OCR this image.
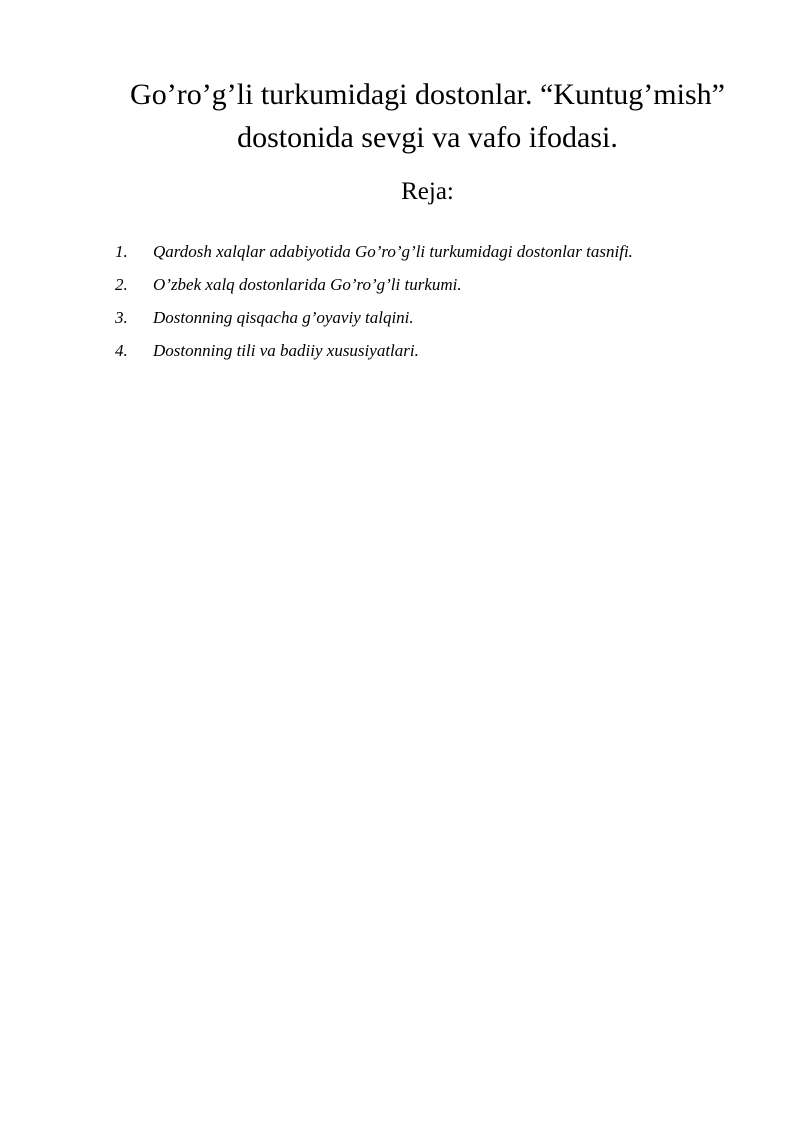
Go’ro’g’li turkumidagi dostonlar. “Kuntug’mish”
dostonida sevgi va vafo ifodasi.
Reja:
1. Qardosh xalqlar adabiyotida Go’ro’g’li turkumidagi dostonlar tasnifi.
2. O’zbek xalq dostonlarida Go’ro’g’li turkumi.
3. Dostonning qisqacha g’oyaviy talqini.
4. Dostonning tili va badiiy xususiyatlari.
